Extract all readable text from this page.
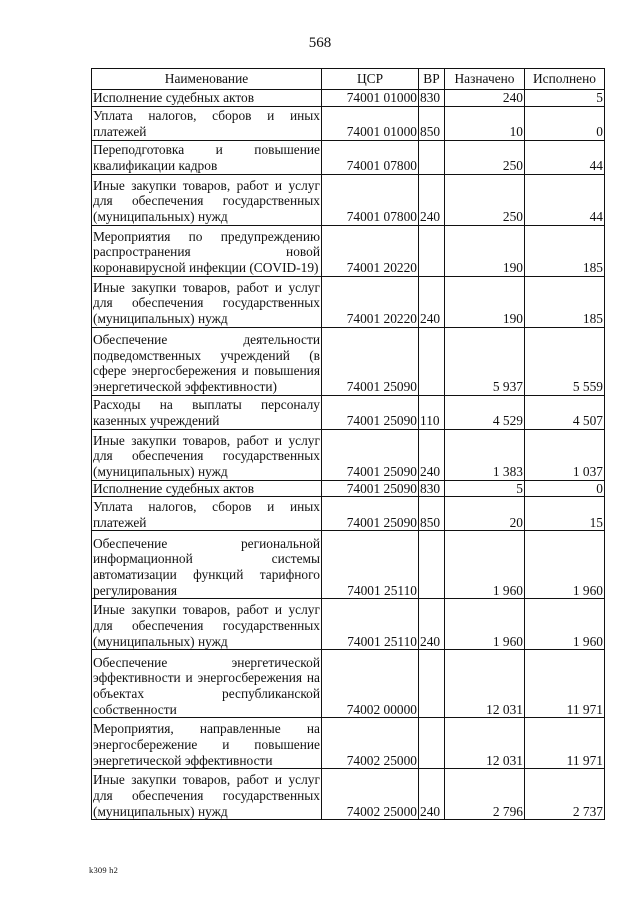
568
Наименование	ЦСР	ВР	Назначено	Исполнено
Исполнение судебных актов	74001 01000	830	240	5
Уплата налогов, сборов и иных платежей	74001 01000	850	10	0
Переподготовка и повышение квалификации кадров	74001 07800		250	44
Иные закупки товаров, работ и услуг для обеспечения государственных (муниципальных) нужд	74001 07800	240	250	44
Мероприятия по предупреждению распространения новой коронавирусной инфекции (COVID-19)	74001 20220		190	185
Иные закупки товаров, работ и услуг для обеспечения государственных (муниципальных) нужд	74001 20220	240	190	185
Обеспечение деятельности подведомственных учреждений (в сфере энергосбережения и повышения энергетической эффективности)	74001 25090		5 937	5 559
Расходы на выплаты персоналу казенных учреждений	74001 25090	110	4 529	4 507
Иные закупки товаров, работ и услуг для обеспечения государственных (муниципальных) нужд	74001 25090	240	1 383	1 037
Исполнение судебных актов	74001 25090	830	5	0
Уплата налогов, сборов и иных платежей	74001 25090	850	20	15
Обеспечение региональной информационной системы автоматизации функций тарифного регулирования	74001 25110		1 960	1 960
Иные закупки товаров, работ и услуг для обеспечения государственных (муниципальных) нужд	74001 25110	240	1 960	1 960
Обеспечение энергетической эффективности и энергосбережения на объектах республиканской собственности	74002 00000		12 031	11 971
Мероприятия, направленные на энергосбережение и повышение энергетической эффективности	74002 25000		12 031	11 971
Иные закупки товаров, работ и услуг для обеспечения государственных (муниципальных) нужд	74002 25000	240	2 796	2 737
k309 h2
